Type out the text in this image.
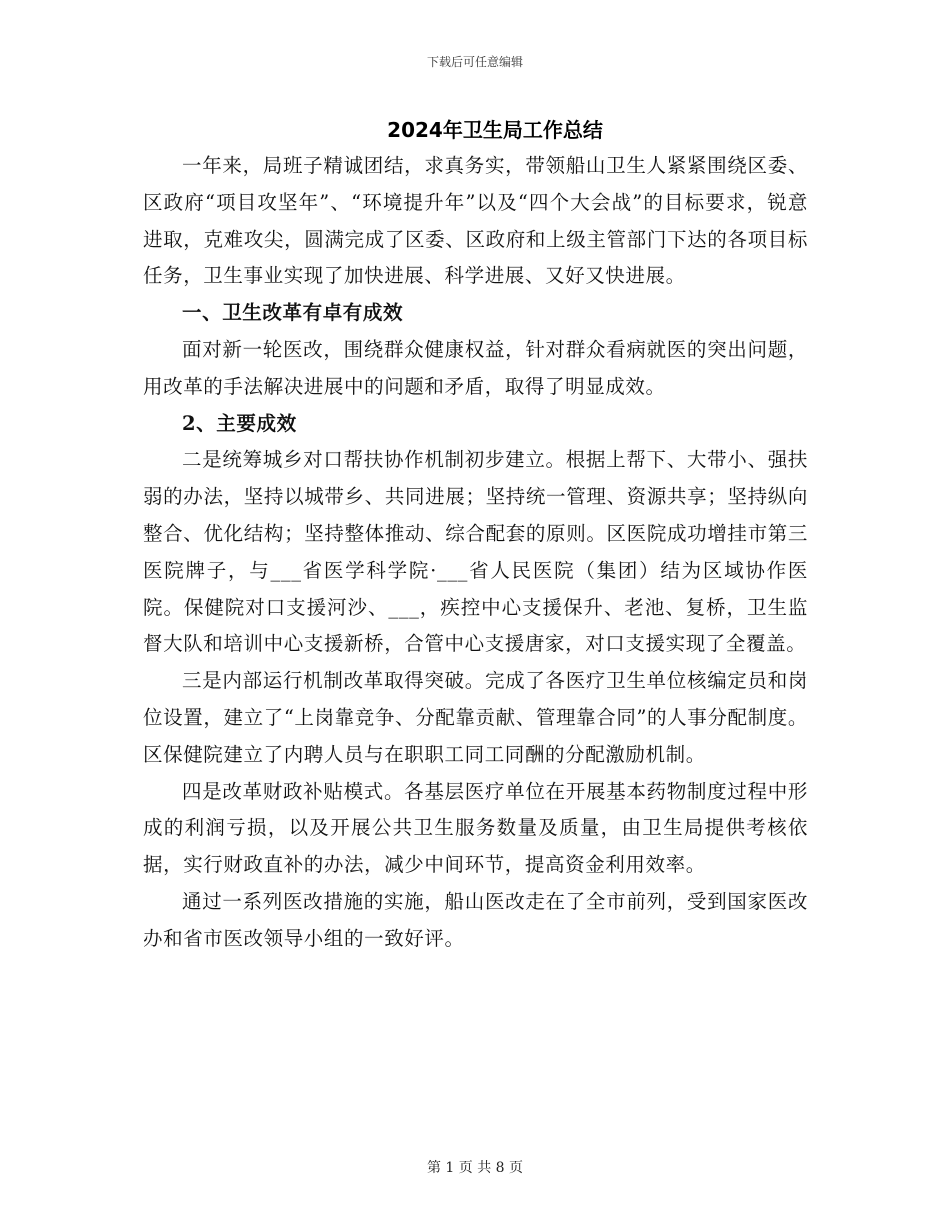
下载后可任意编辑
2024年卫生局工作总结

一年来，局班子精诚团结，求真务实，带领船山卫生人紧紧围绕区委、区政府“项目攻坚年”、“环境提升年”以及“四个大会战”的目标要求，锐意进取，克难攻尖，圆满完成了区委、区政府和上级主管部门下达的各项目标任务，卫生事业实现了加快进展、科学进展、又好又快进展。

一、卫生改革有卓有成效

面对新一轮医改，围绕群众健康权益，针对群众看病就医的突出问题，用改革的手法解决进展中的问题和矛盾，取得了明显成效。

2、主要成效

二是统筹城乡对口帮扶协作机制初步建立。根据上帮下、大带小、强扶弱的办法，坚持以城带乡、共同进展；坚持统一管理、资源共享；坚持纵向整合、优化结构；坚持整体推动、综合配套的原则。区医院成功增挂市第三医院牌子，与___省医学科学院·___省人民医院（集团）结为区域协作医院。保健院对口支援河沙、___，疾控中心支援保升、老池、复桥，卫生监督大队和培训中心支援新桥，合管中心支援唐家，对口支援实现了全覆盖。

三是内部运行机制改革取得突破。完成了各医疗卫生单位核编定员和岗位设置，建立了“上岗靠竞争、分配靠贡献、管理靠合同”的人事分配制度。区保健院建立了内聘人员与在职职工同工同酬的分配激励机制。

四是改革财政补贴模式。各基层医疗单位在开展基本药物制度过程中形成的利润亏损，以及开展公共卫生服务数量及质量，由卫生局提供考核依据，实行财政直补的办法，减少中间环节，提高资金利用效率。

通过一系列医改措施的实施，船山医改走在了全市前列，受到国家医改办和省市医改领导小组的一致好评。

第 1 页 共 8 页
